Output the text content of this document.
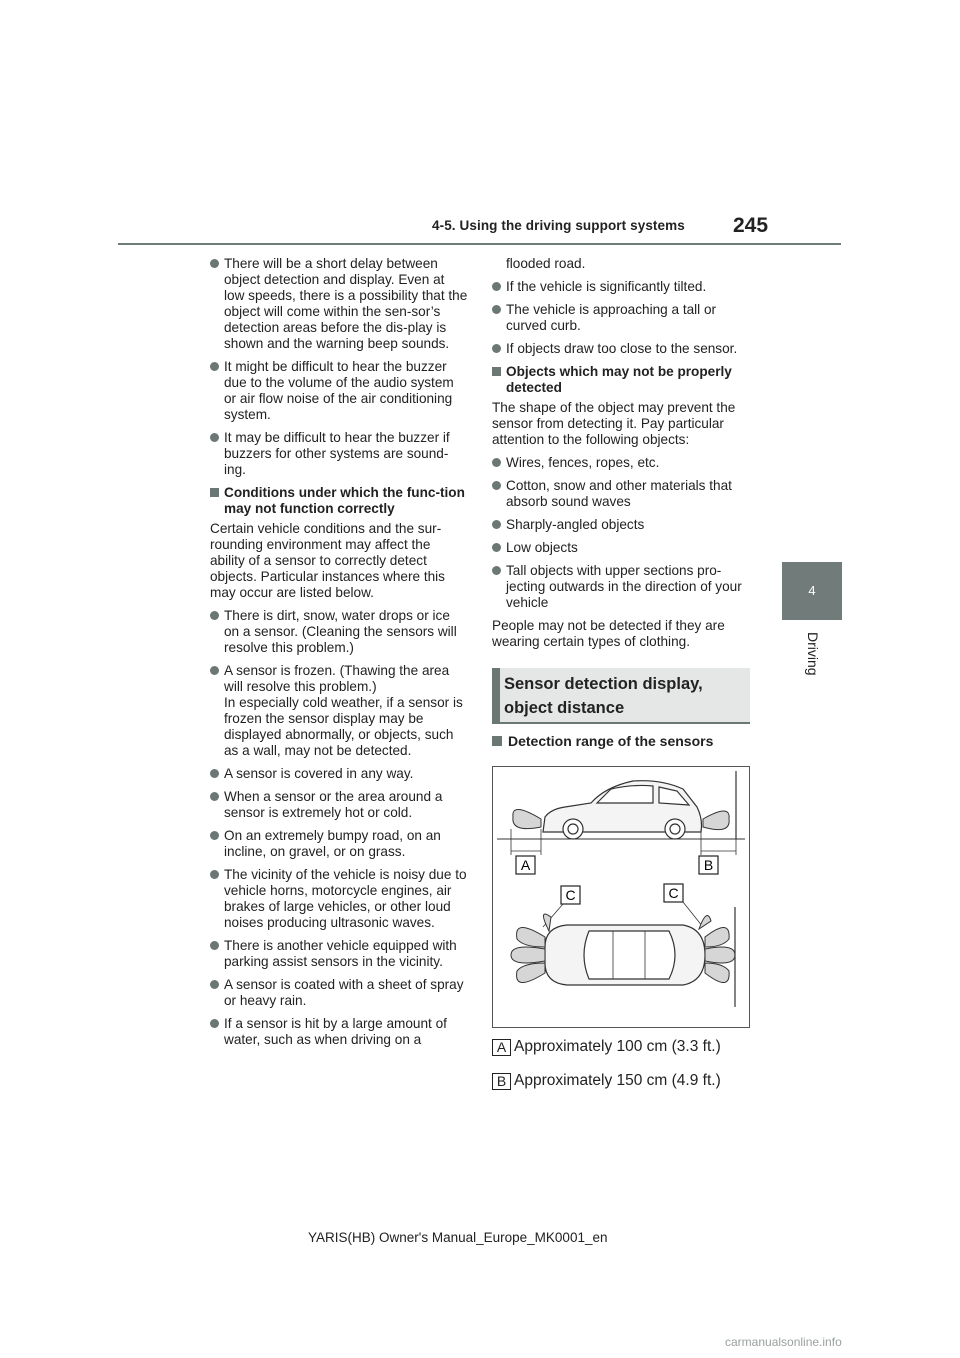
4-5. Using the driving support systems 245
4
Driving

There will be a short delay between object detection and display. Even at low speeds, there is a possibility that the object will come within the sen-sor’s detection areas before the dis-play is shown and the warning beep sounds.

It might be difficult to hear the buzzer due to the volume of the audio system or air flow noise of the air conditioning system.

It may be difficult to hear the buzzer if buzzers for other systems are sound-ing.

Conditions under which the func-tion may not function correctly

Certain vehicle conditions and the sur-rounding environment may affect the ability of a sensor to correctly detect objects. Particular instances where this may occur are listed below.

There is dirt, snow, water drops or ice on a sensor. (Cleaning the sensors will resolve this problem.)

A sensor is frozen. (Thawing the area will resolve this problem.)

In especially cold weather, if a sensor is frozen the sensor display may be displayed abnormally, or objects, such as a wall, may not be detected.

A sensor is covered in any way.

When a sensor or the area around a sensor is extremely hot or cold.

On an extremely bumpy road, on an incline, on gravel, or on grass.

The vicinity of the vehicle is noisy due to vehicle horns, motorcycle engines, air brakes of large vehicles, or other loud noises producing ultrasonic waves.

There is another vehicle equipped with parking assist sensors in the vicinity.

A sensor is coated with a sheet of spray or heavy rain.

If a sensor is hit by a large amount of water, such as when driving on a

flooded road.

If the vehicle is significantly tilted.

The vehicle is approaching a tall or curved curb.

If objects draw too close to the sensor.

Objects which may not be properly detected

The shape of the object may prevent the sensor from detecting it. Pay particular attention to the following objects:

Wires, fences, ropes, etc.

Cotton, snow and other materials that absorb sound waves

Sharply-angled objects

Low objects

Tall objects with upper sections pro-jecting outwards in the direction of your vehicle

People may not be detected if they are wearing certain types of clothing.

Sensor detection display,
object distance
Detection range of the sensors
A	B
C	C
A Approximately 100 cm (3.3 ft.)
B Approximately 150 cm (4.9 ft.)
YARIS(HB) Owner's Manual_Europe_MK0001_en
carmanualsonline.info
